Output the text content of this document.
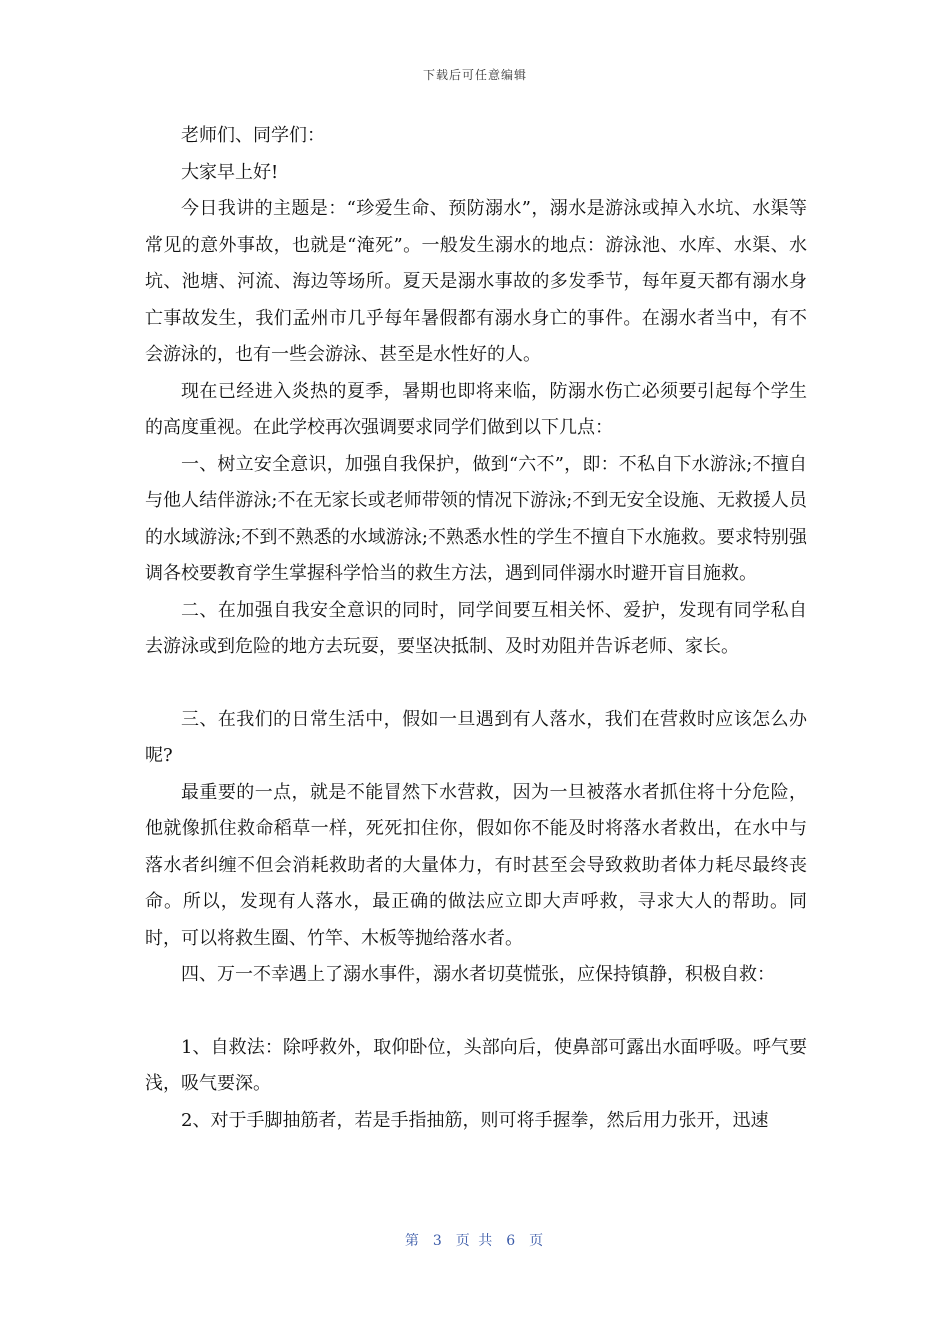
下载后可任意编辑

老师们、同学们：

大家早上好!

今日我讲的主题是：“珍爱生命、预防溺水”，溺水是游泳或掉入水坑、水渠等常见的意外事故，也就是“淹死”。一般发生溺水的地点：游泳池、水库、水渠、水坑、池塘、河流、海边等场所。夏天是溺水事故的多发季节，每年夏天都有溺水身亡事故发生，我们孟州市几乎每年暑假都有溺水身亡的事件。在溺水者当中，有不会游泳的，也有一些会游泳、甚至是水性好的人。

现在已经进入炎热的夏季，暑期也即将来临，防溺水伤亡必须要引起每个学生的高度重视。在此学校再次强调要求同学们做到以下几点：

一、树立安全意识，加强自我保护，做到“六不”，即：不私自下水游泳;不擅自与他人结伴游泳;不在无家长或老师带领的情况下游泳;不到无安全设施、无救援人员的水域游泳;不到不熟悉的水域游泳;不熟悉水性的学生不擅自下水施救。要求特别强调各校要教育学生掌握科学恰当的救生方法，遇到同伴溺水时避开盲目施救。

二、在加强自我安全意识的同时，同学间要互相关怀、爱护，发现有同学私自去游泳或到危险的地方去玩耍，要坚决抵制、及时劝阻并告诉老师、家长。

三、在我们的日常生活中，假如一旦遇到有人落水，我们在营救时应该怎么办呢?

最重要的一点，就是不能冒然下水营救，因为一旦被落水者抓住将十分危险，他就像抓住救命稻草一样，死死扣住你，假如你不能及时将落水者救出，在水中与落水者纠缠不但会消耗救助者的大量体力，有时甚至会导致救助者体力耗尽最终丧命。所以，发现有人落水，最正确的做法应立即大声呼救，寻求大人的帮助。同时，可以将救生圈、竹竿、木板等抛给落水者。

四、万一不幸遇上了溺水事件，溺水者切莫慌张，应保持镇静，积极自救：

1、自救法：除呼救外，取仰卧位，头部向后，使鼻部可露出水面呼吸。呼气要浅，吸气要深。

2、对于手脚抽筋者，若是手指抽筋，则可将手握拳，然后用力张开，迅速

第 3 页 共 6 页
